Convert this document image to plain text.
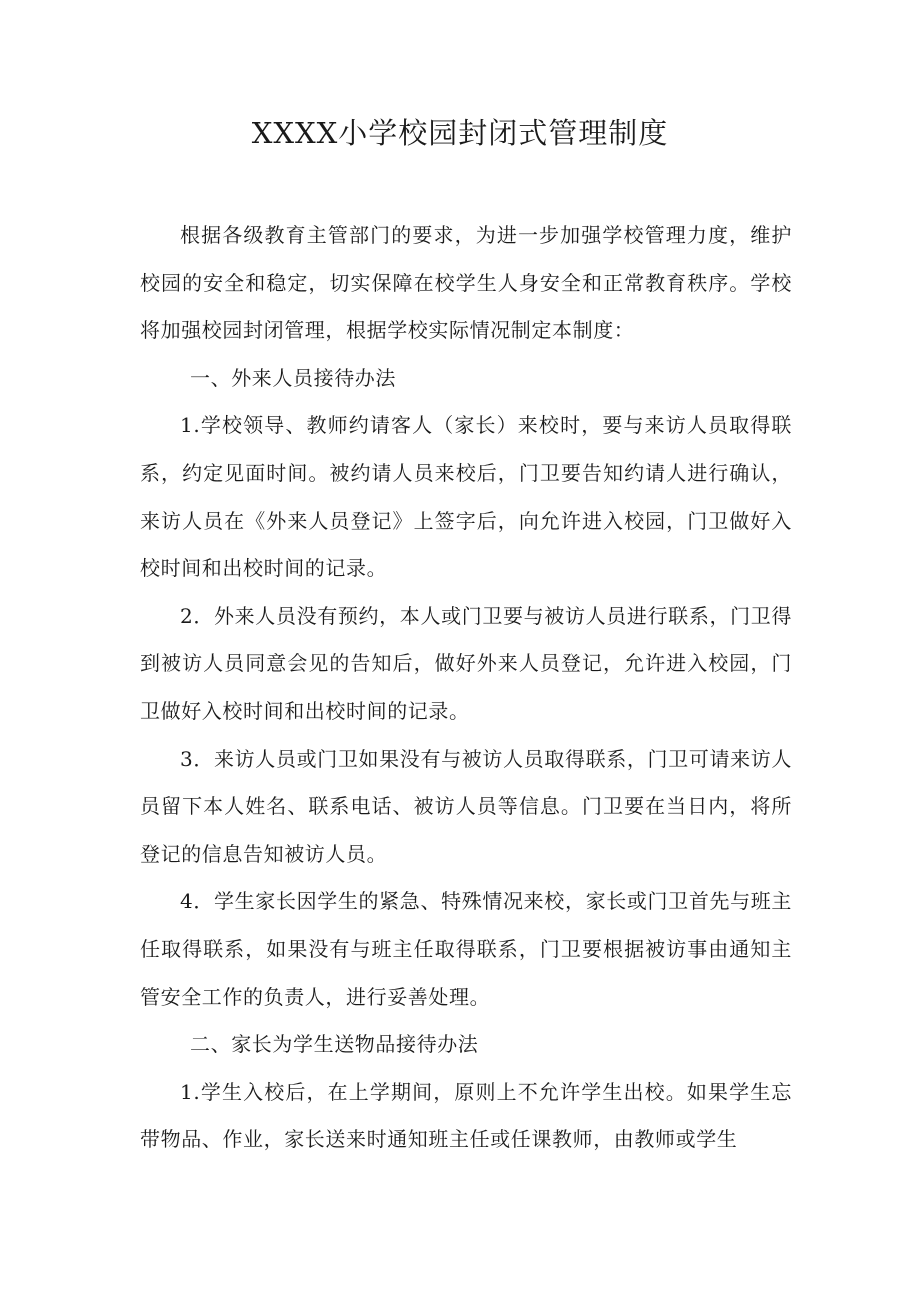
XXXX小学校园封闭式管理制度

根据各级教育主管部门的要求，为进一步加强学校管理力度，维护校园的安全和稳定，切实保障在校学生人身安全和正常教育秩序。学校将加强校园封闭管理，根据学校实际情况制定本制度：

一、外来人员接待办法

1.学校领导、教师约请客人（家长）来校时，要与来访人员取得联系，约定见面时间。被约请人员来校后，门卫要告知约请人进行确认，来访人员在《外来人员登记》上签字后，向允许进入校园，门卫做好入校时间和出校时间的记录。

2．外来人员没有预约，本人或门卫要与被访人员进行联系，门卫得到被访人员同意会见的告知后，做好外来人员登记，允许进入校园，门卫做好入校时间和出校时间的记录。

3．来访人员或门卫如果没有与被访人员取得联系，门卫可请来访人员留下本人姓名、联系电话、被访人员等信息。门卫要在当日内，将所登记的信息告知被访人员。

4．学生家长因学生的紧急、特殊情况来校，家长或门卫首先与班主任取得联系，如果没有与班主任取得联系，门卫要根据被访事由通知主管安全工作的负责人，进行妥善处理。

二、家长为学生送物品接待办法

1.学生入校后，在上学期间，原则上不允许学生出校。如果学生忘带物品、作业，家长送来时通知班主任或任课教师，由教师或学生
